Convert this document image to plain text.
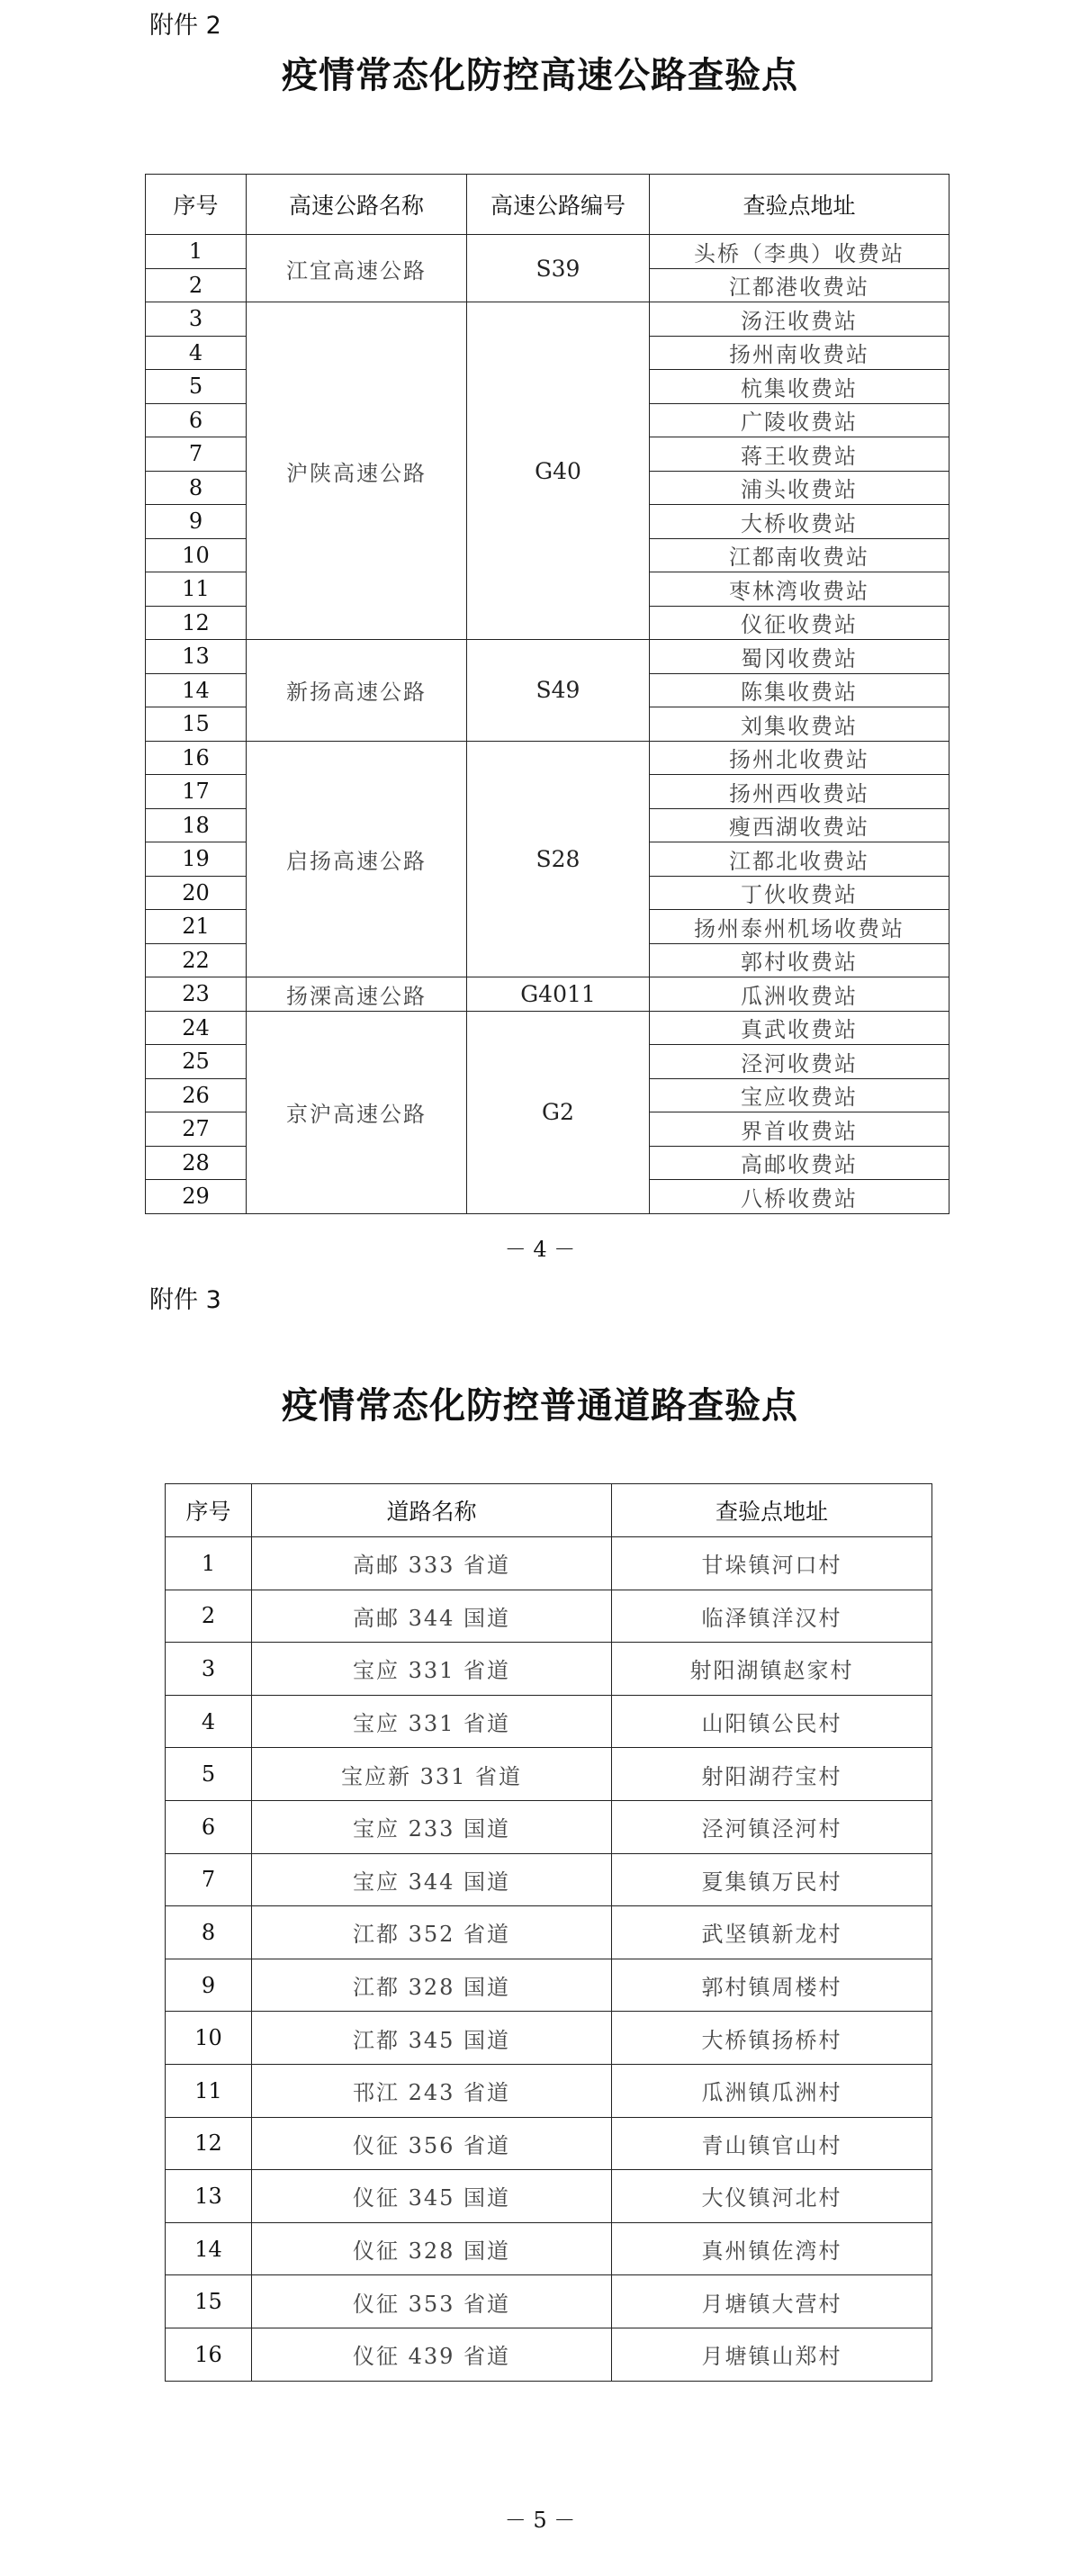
附件 2
疫情常态化防控高速公路查验点
序号	高速公路名称	高速公路编号	查验点地址
1	江宜高速公路	S39	头桥（李典）收费站
2			江都港收费站
3	沪陕高速公路	G40	汤汪收费站
4			扬州南收费站
5			杭集收费站
6			广陵收费站
7			蒋王收费站
8			浦头收费站
9			大桥收费站
10			江都南收费站
11			枣林湾收费站
12			仪征收费站
13	新扬高速公路	S49	蜀冈收费站
14			陈集收费站
15			刘集收费站
16	启扬高速公路	S28	扬州北收费站
17			扬州西收费站
18			瘦西湖收费站
19			江都北收费站
20			丁伙收费站
21			扬州泰州机场收费站
22			郭村收费站
23	扬溧高速公路	G4011	瓜洲收费站
24	京沪高速公路	G2	真武收费站
25			泾河收费站
26			宝应收费站
27			界首收费站
28			高邮收费站
29			八桥收费站
－ 4 －
附件 3
疫情常态化防控普通道路查验点
序号	道路名称	查验点地址
1	高邮 333 省道	甘垛镇河口村
2	高邮 344 国道	临泽镇洋汉村
3	宝应 331 省道	射阳湖镇赵家村
4	宝应 331 省道	山阳镇公民村
5	宝应新 331 省道	射阳湖荇宝村
6	宝应 233 国道	泾河镇泾河村
7	宝应 344 国道	夏集镇万民村
8	江都 352 省道	武坚镇新龙村
9	江都 328 国道	郭村镇周楼村
10	江都 345 国道	大桥镇扬桥村
11	邗江 243 省道	瓜洲镇瓜洲村
12	仪征 356 省道	青山镇官山村
13	仪征 345 国道	大仪镇河北村
14	仪征 328 国道	真州镇佐湾村
15	仪征 353 省道	月塘镇大营村
16	仪征 439 省道	月塘镇山郑村
－ 5 －
